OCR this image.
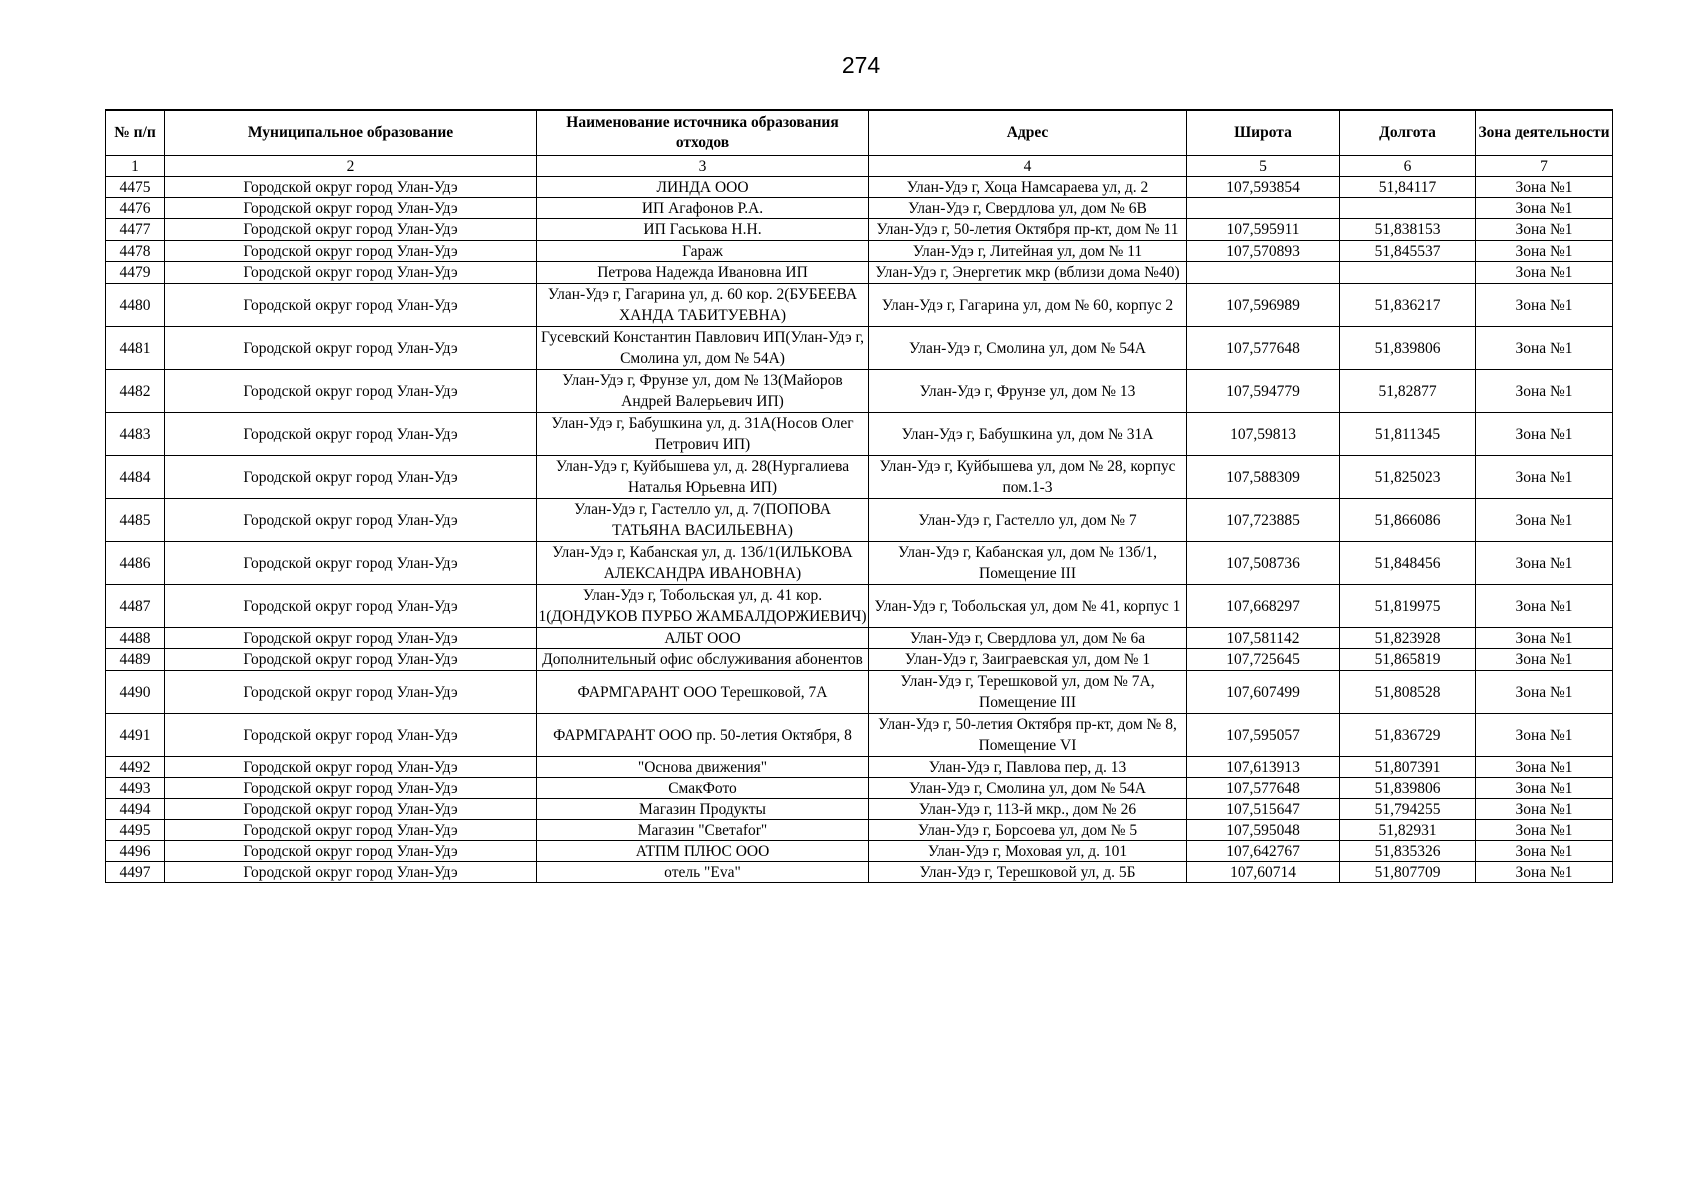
274
№ п/п	Муниципальное образование	Наименование источника образования отходов	Адрес	Широта	Долгота	Зона деятельности
1	2	3	4	5	6	7
4475	Городской округ город Улан-Удэ	ЛИНДА ООО	Улан-Удэ г, Хоца Намсараева ул, д. 2	107,593854	51,84117	Зона №1
4476	Городской округ город Улан-Удэ	ИП Агафонов Р.А.	Улан-Удэ г, Свердлова ул, дом № 6В			Зона №1
4477	Городской округ город Улан-Удэ	ИП Гаськова Н.Н.	Улан-Удэ г, 50-летия Октября пр-кт, дом № 11	107,595911	51,838153	Зона №1
4478	Городской округ город Улан-Удэ	Гараж	Улан-Удэ г, Литейная ул, дом № 11	107,570893	51,845537	Зона №1
4479	Городской округ город Улан-Удэ	Петрова Надежда Ивановна ИП	Улан-Удэ г, Энергетик мкр (вблизи дома №40)			Зона №1
4480	Городской округ город Улан-Удэ	Улан-Удэ г, Гагарина ул, д. 60 кор. 2(БУБЕЕВА ХАНДА ТАБИТУЕВНА)	Улан-Удэ г, Гагарина ул, дом № 60, корпус 2	107,596989	51,836217	Зона №1
4481	Городской округ город Улан-Удэ	Гусевский Константин Павлович ИП(Улан-Удэ г, Смолина ул, дом № 54А)	Улан-Удэ г, Смолина ул, дом № 54А	107,577648	51,839806	Зона №1
4482	Городской округ город Улан-Удэ	Улан-Удэ г, Фрунзе ул, дом № 13(Майоров Андрей Валерьевич ИП)	Улан-Удэ г, Фрунзе ул, дом № 13	107,594779	51,82877	Зона №1
4483	Городской округ город Улан-Удэ	Улан-Удэ г, Бабушкина ул, д. 31А(Носов Олег Петрович ИП)	Улан-Удэ г, Бабушкина ул, дом № 31А	107,59813	51,811345	Зона №1
4484	Городской округ город Улан-Удэ	Улан-Удэ г, Куйбышева ул, д. 28(Нургалиева Наталья Юрьевна ИП)	Улан-Удэ г, Куйбышева ул, дом № 28, корпус пом.1-3	107,588309	51,825023	Зона №1
4485	Городской округ город Улан-Удэ	Улан-Удэ г, Гастелло ул, д. 7(ПОПОВА ТАТЬЯНА ВАСИЛЬЕВНА)	Улан-Удэ г, Гастелло ул, дом № 7	107,723885	51,866086	Зона №1
4486	Городской округ город Улан-Удэ	Улан-Удэ г, Кабанская ул, д. 13б/1(ИЛЬКОВА АЛЕКСАНДРА ИВАНОВНА)	Улан-Удэ г, Кабанская ул, дом № 13б/1, Помещение III	107,508736	51,848456	Зона №1
4487	Городской округ город Улан-Удэ	Улан-Удэ г, Тобольская ул, д. 41 кор. 1(ДОНДУКОВ ПУРБО ЖАМБАЛДОРЖИЕВИЧ)	Улан-Удэ г, Тобольская ул, дом № 41, корпус 1	107,668297	51,819975	Зона №1
4488	Городской округ город Улан-Удэ	АЛЬТ ООО	Улан-Удэ г, Свердлова ул, дом № 6а	107,581142	51,823928	Зона №1
4489	Городской округ город Улан-Удэ	Дополнительный офис обслуживания абонентов	Улан-Удэ г, Заиграевская ул, дом № 1	107,725645	51,865819	Зона №1
4490	Городской округ город Улан-Удэ	ФАРМГАРАНТ ООО Терешковой, 7А	Улан-Удэ г, Терешковой ул, дом № 7А, Помещение III	107,607499	51,808528	Зона №1
4491	Городской округ город Улан-Удэ	ФАРМГАРАНТ ООО пр. 50-летия Октября, 8	Улан-Удэ г, 50-летия Октября пр-кт, дом № 8, Помещение VI	107,595057	51,836729	Зона №1
4492	Городской округ город Улан-Удэ	"Основа движения"	Улан-Удэ г, Павлова пер, д. 13	107,613913	51,807391	Зона №1
4493	Городской округ город Улан-Удэ	СмакФото	Улан-Удэ г, Смолина ул, дом № 54А	107,577648	51,839806	Зона №1
4494	Городской округ город Улан-Удэ	Магазин Продукты	Улан-Удэ г, 113-й мкр., дом № 26	107,515647	51,794255	Зона №1
4495	Городской округ город Улан-Удэ	Магазин "Светаfor"	Улан-Удэ г, Борсоева ул, дом № 5	107,595048	51,82931	Зона №1
4496	Городской округ город Улан-Удэ	АТПМ ПЛЮС ООО	Улан-Удэ г, Моховая ул, д. 101	107,642767	51,835326	Зона №1
4497	Городской округ город Улан-Удэ	отель "Eva"	Улан-Удэ г, Терешковой ул, д. 5Б	107,60714	51,807709	Зона №1
